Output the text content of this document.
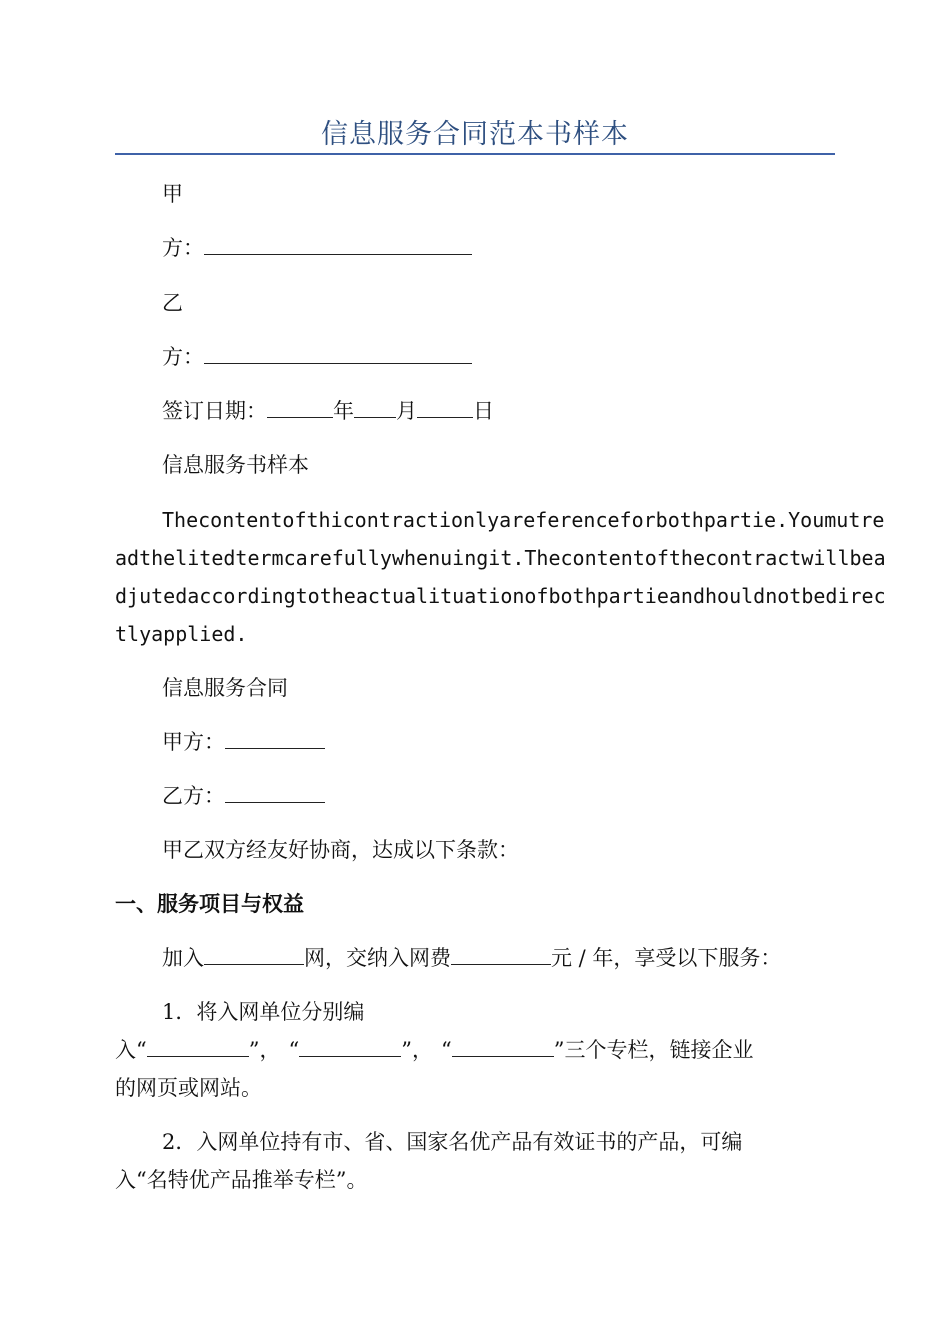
信息服务合同范本书样本
甲
方：
乙
方：
签订日期：	年 月	日
信息服务书样本
Thecontentofthicontractionlyareferenceforbothpartie.Youmutre
adthelitedtermcarefullywhenuingit.Thecontentofthecontractwillbea
djutedaccordingtotheactualituationofbothpartieandhouldnotbedirec
tlyapplied.
信息服务合同
甲方：
乙方：
甲乙双方经友好协商，达成以下条款：
一、服务项目与权益
加入	网，交纳入网费	元 / 年，享受以下服务：
1．将入网单位分别编
入“	”， “	”， “	”三个专栏，链接企业
的网页或网站。
2．入网单位持有市、省、国家名优产品有效证书的产品，可编
入“名特优产品推举专栏”。
